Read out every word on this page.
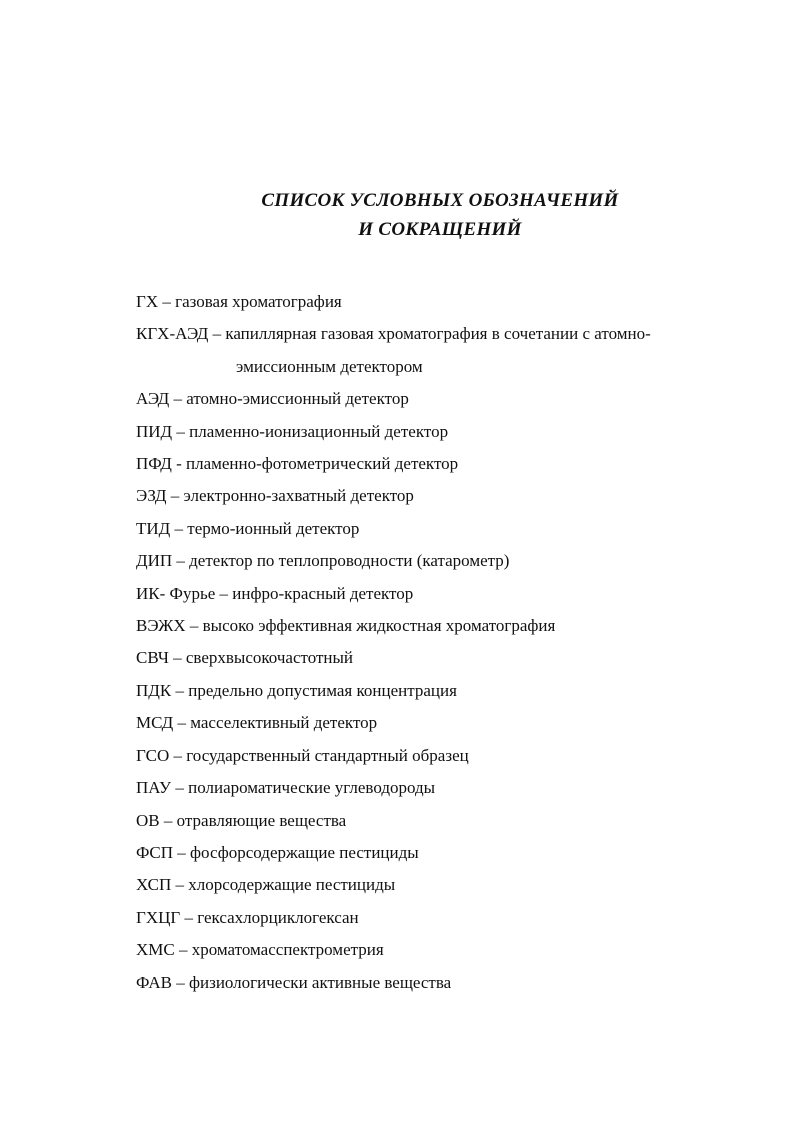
СПИСОК УСЛОВНЫХ ОБОЗНАЧЕНИЙ
И СОКРАЩЕНИЙ
ГХ – газовая хроматография
КГХ-АЭД – капиллярная газовая хроматография в сочетании с атомно-
эмиссионным детектором
АЭД – атомно-эмиссионный детектор
ПИД – пламенно-ионизационный детектор
ПФД - пламенно-фотометрический детектор
ЭЗД – электронно-захватный детектор
ТИД – термо-ионный детектор
ДИП – детектор по теплопроводности (катарометр)
ИК- Фурье – инфро-красный детектор
ВЭЖХ – высоко эффективная жидкостная хроматография
СВЧ – сверхвысокочастотный
ПДК – предельно допустимая концентрация
МСД – масселективный детектор
ГСО – государственный стандартный образец
ПАУ – полиароматические углеводороды
ОВ – отравляющие вещества
ФСП – фосфорсодержащие пестициды
ХСП – хлорсодержащие пестициды
ГХЦГ – гексахлорциклогексан
ХМС – хроматомасспектрометрия
ФАВ – физиологически активные вещества
